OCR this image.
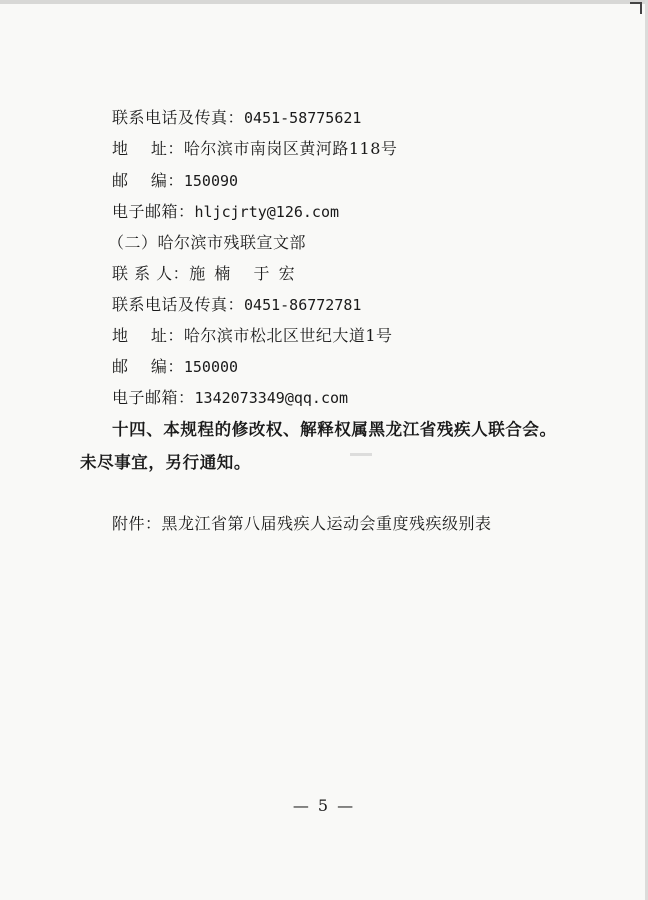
联系电话及传真：0451-58775621
地    址：哈尔滨市南岗区黄河路118号
邮    编：150090
电子邮箱：hljcjrty@126.com
（二）哈尔滨市残联宣文部
联 系 人：施 楠   于 宏
联系电话及传真：0451-86772781
地    址：哈尔滨市松北区世纪大道1号
邮    编：150000
电子邮箱：1342073349@qq.com
十四、本规程的修改权、解释权属黑龙江省残疾人联合会。
未尽事宜，另行通知。
附件：黑龙江省第八届残疾人运动会重度残疾级别表
— 5 —
